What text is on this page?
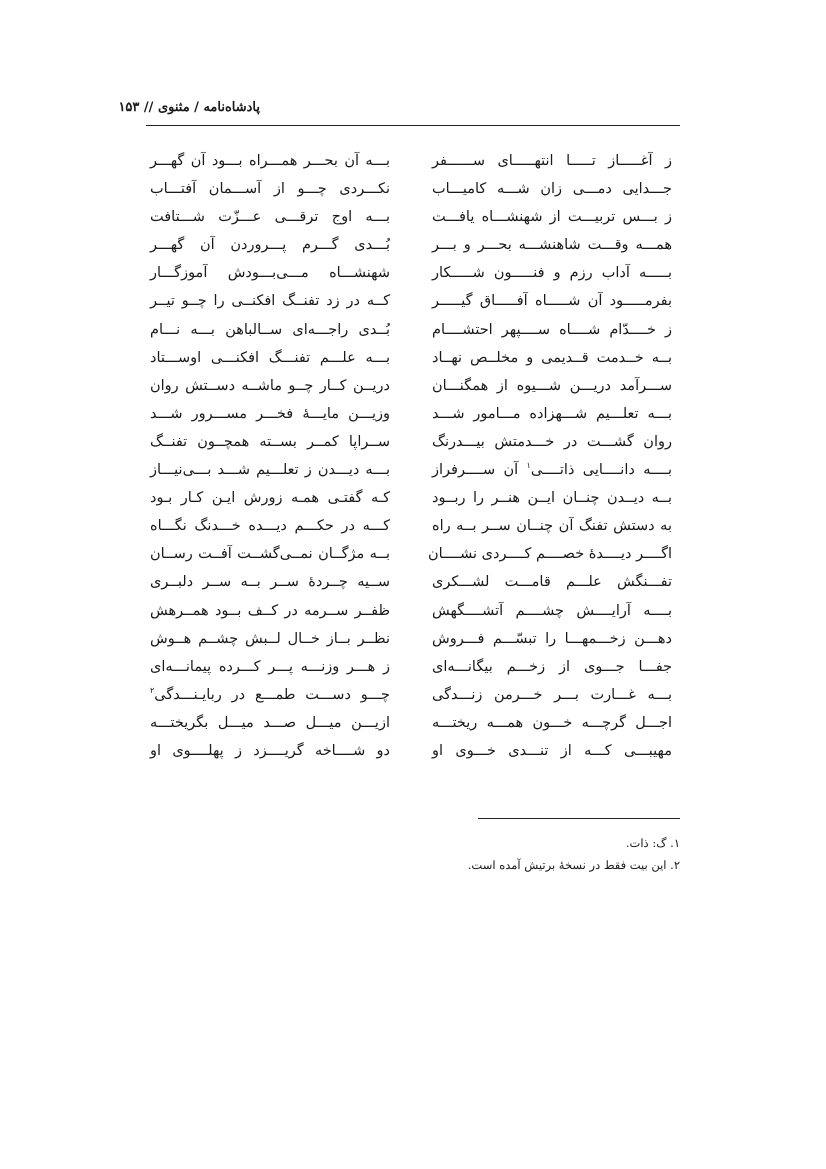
پادشاه‌نامه / مثنوی // ۱۵۳
ز آغـــــاز تـــــا انتهـــــای ســــــفر
جـــدایی دمـــی زان شـــه کامیـــاب
ز بـــس تربیـــت از شهنشـــاه یافـــت
همـــه وقـــت شاهنشـــه بحـــر و بـــر
بـــــه آداب رزم و فنـــــون شـــــکار
بفرمـــــود آن شـــــاه آفـــــاق گیـــــر
ز خــــدّام شــــاه ســــپهر احتشــــام
بــه خــدمت قــدیمی و مخلــص نهــاد
ســـرآمد دریـــن شـــیوه از همگنـــان
بـــه تعلـــیم شـــهزاده مـــامور شـــد
روان گشـــت در خـــدمتش بیـــدرنگ
بــــه دانــــایی ذاتــــی$^۱$ آن ســــرفراز
بــه دیــدن چنــان ایــن هنــر را ربــود
به دستش تفنگ آن چنــان ســر بــه راه
اگــــر دیــــدهٔ خصــــم کــــردی نشــــان
تفـــنگش علـــم قامـــت لشـــکری
بــــه آرایــــش چشــــم آتشــــگهش
دهـــن زخـــمهـــا را تبسّـــم فـــروش
جفـــا جـــوی از زخـــم بیگانـــه‌ای
بـــه غـــارت بـــر خـــرمن زنـــدگی
اجـــل گرچـــه خـــون همـــه ریختـــه
مهیبـــی کـــه از تنـــدی خـــوی او
بـــه آن بحـــر همـــراه بـــود آن گهـــر
نکـــردی چـــو از آســـمان آفتـــاب
بـــه اوج ترقـــی عـــزّت شـــتافت
بُـــدی گـــرم پـــروردن آن گهـــر
شهنشـــاه مـــی‌بـــودش آموزگـــار
کــه در زد تفنــگ افکنــی را چــو تیــر
بُــدی راجـــه‌ای ســالباهن بـــه نـــام
بـــه علـــم تفنـــگ افکنـــی اوســـتاد
دریــن کــار چــو ماشــه دســتش روان
وزیـــن مایـــهٔ فخـــر مســـرور شـــد
ســراپا کمــر بســته همچــون تفنــگ
بـــه دیـــدن ز تعلـــیم شـــد بـــی‌نیـــاز
کـه گفتـی همـه زورش ایـن کـار بـود
کـــه در حکـــم دیـــده خـــدنگ نگـــاه
بــه مژگــان نمــی‌گشــت آفــت رســان
ســیه چــردهٔ ســر بــه ســر دلبــری
ظفــر ســرمه در کــف بــود همــرهش
نظــر بــاز خــال لــبش چشــم هــوش
ز هـــر وزنـــه پـــر کـــرده پیمانـــه‌ای
چـــو دســـت طمـــع در ربایـنـــدگی$^۲$
ازیـــن میـــل صـــد میـــل بگریختـــه
دو شــــاخه گریــــزد ز پهلــــوی او
۱. گ: ذات.
۲. این بیت فقط در نسخهٔ برتیش آمده است.
